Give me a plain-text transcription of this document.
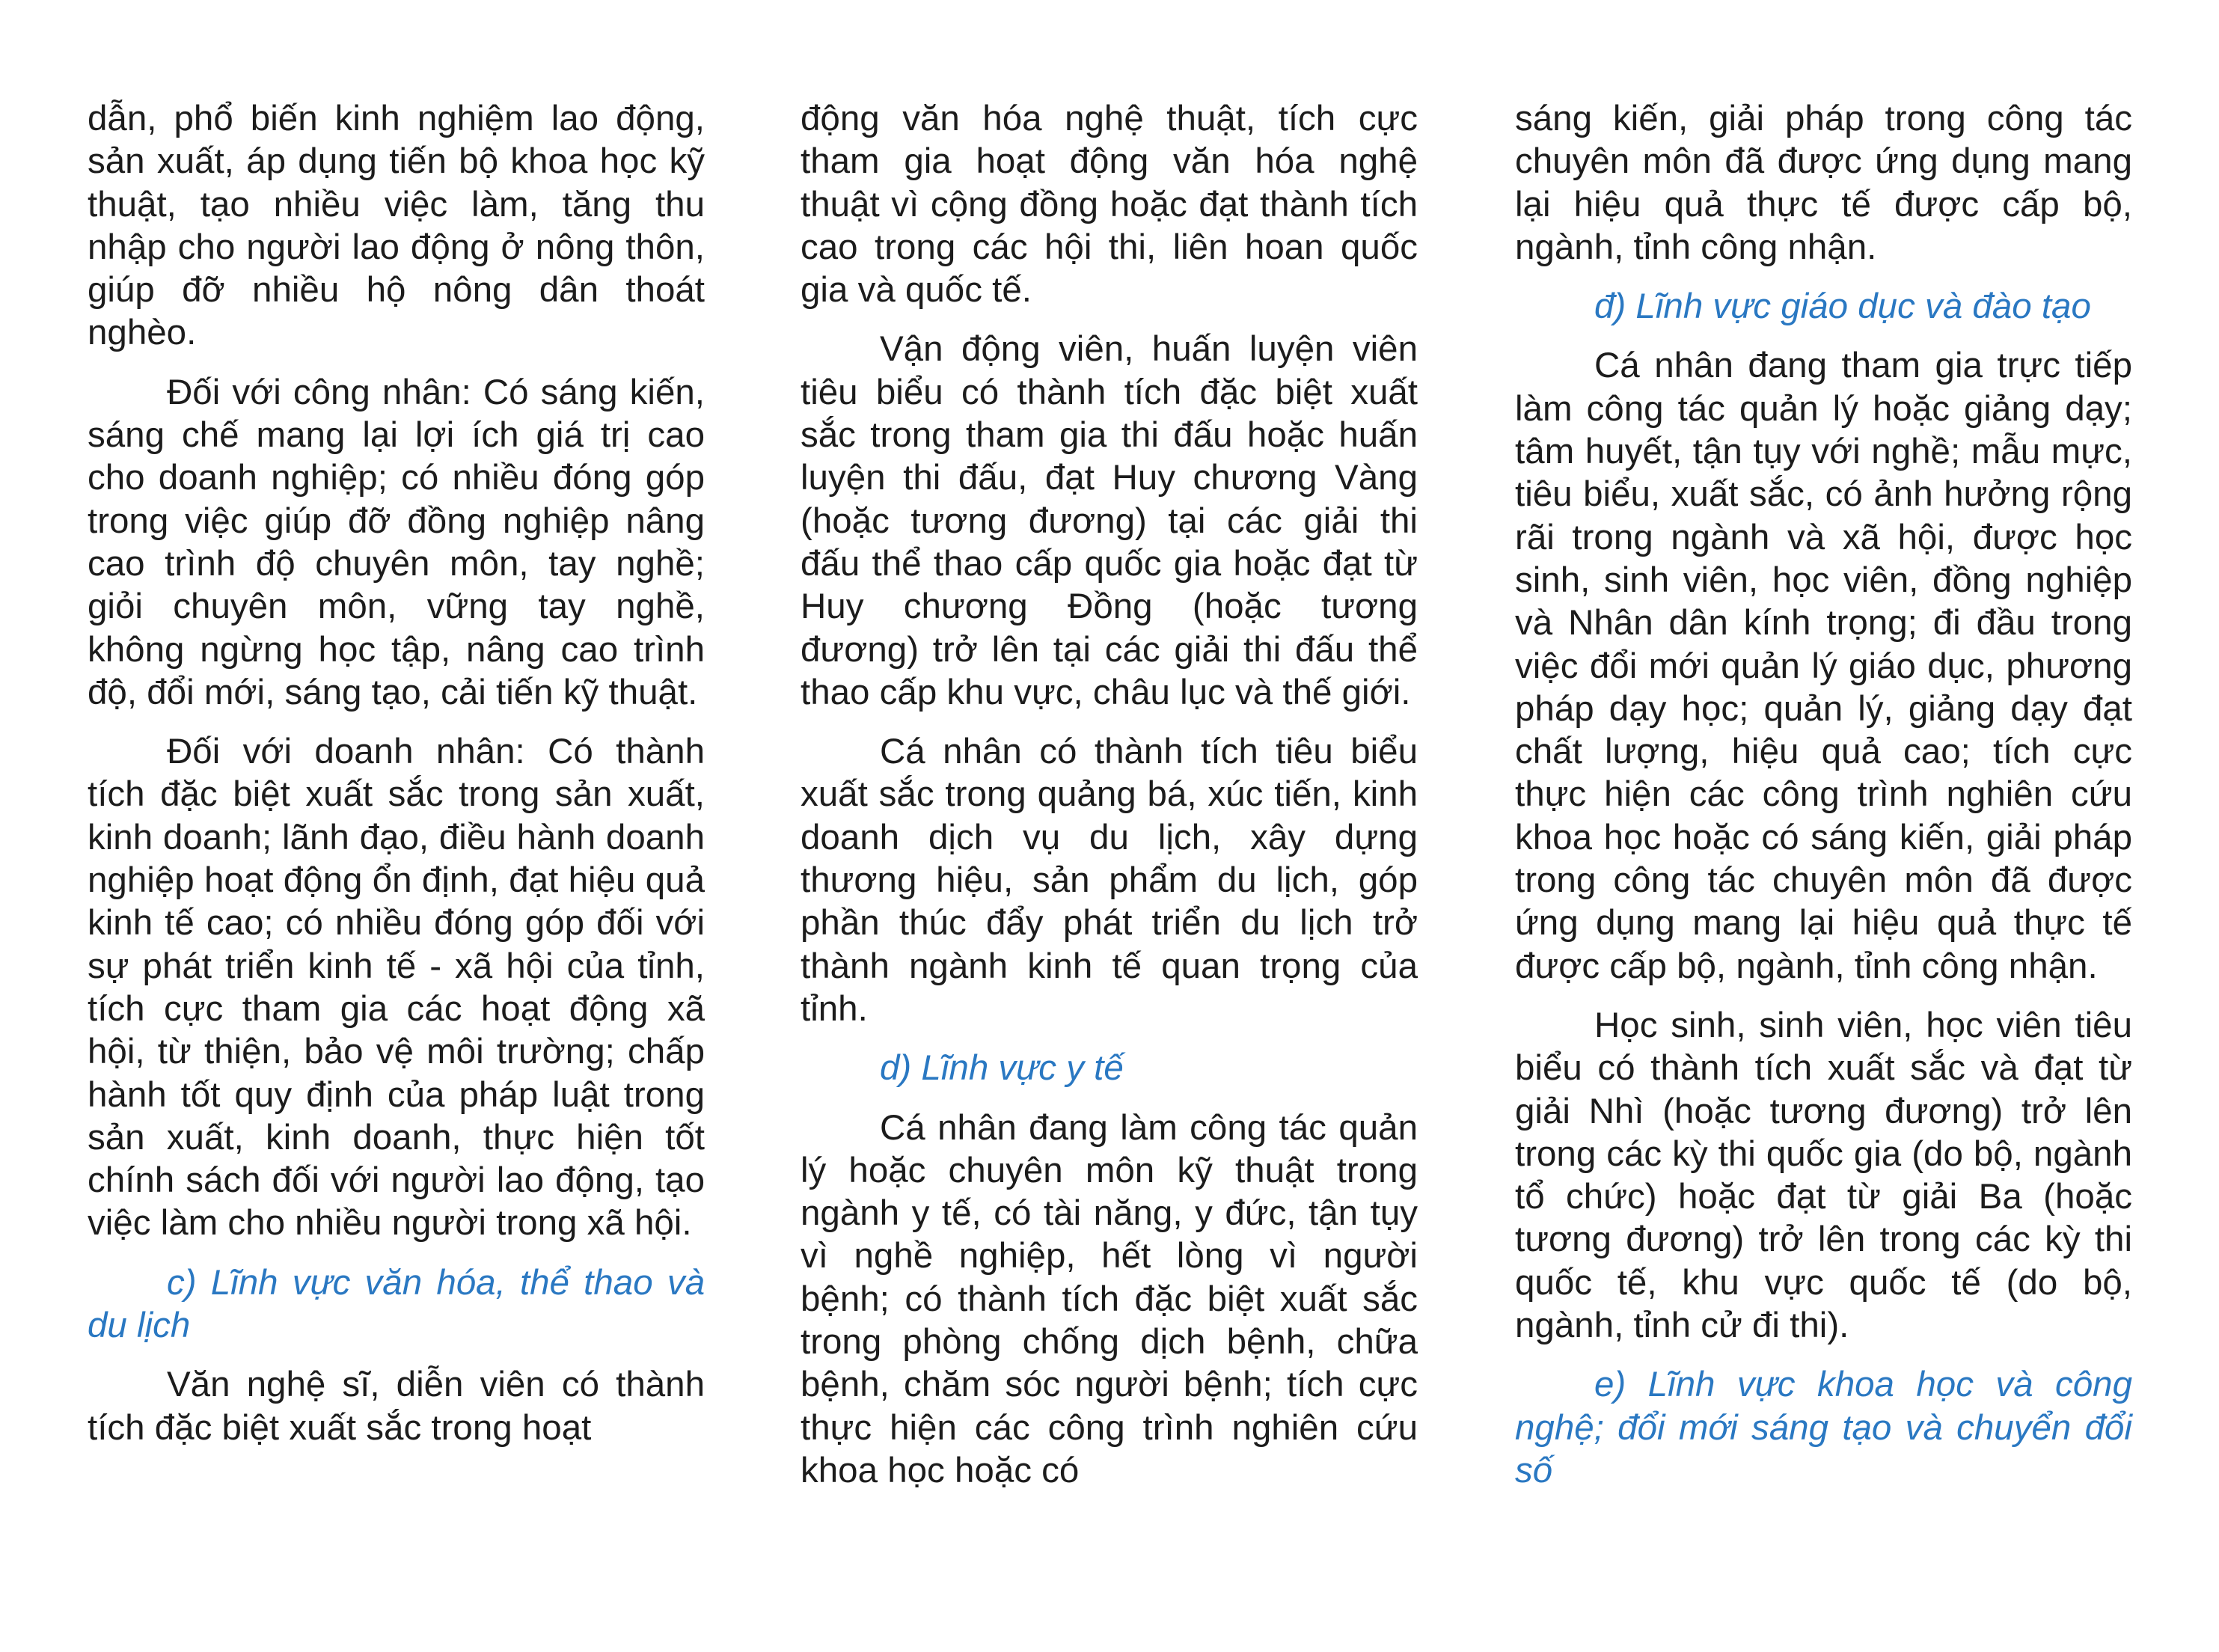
dẫn, phổ biến kinh nghiệm lao động, sản xuất, áp dụng tiến bộ khoa học kỹ thuật, tạo nhiều việc làm, tăng thu nhập cho người lao động ở nông thôn, giúp đỡ nhiều hộ nông dân thoát nghèo.

Đối với công nhân: Có sáng kiến, sáng chế mang lại lợi ích giá trị cao cho doanh nghiệp; có nhiều đóng góp trong việc giúp đỡ đồng nghiệp nâng cao trình độ chuyên môn, tay nghề; giỏi chuyên môn, vững tay nghề, không ngừng học tập, nâng cao trình độ, đổi mới, sáng tạo, cải tiến kỹ thuật.

Đối với doanh nhân: Có thành tích đặc biệt xuất sắc trong sản xuất, kinh doanh; lãnh đạo, điều hành doanh nghiệp hoạt động ổn định, đạt hiệu quả kinh tế cao; có nhiều đóng góp đối với sự phát triển kinh tế - xã hội của tỉnh, tích cực tham gia các hoạt động xã hội, từ thiện, bảo vệ môi trường; chấp hành tốt quy định của pháp luật trong sản xuất, kinh doanh, thực hiện tốt chính sách đối với người lao động, tạo việc làm cho nhiều người trong xã hội.

c) Lĩnh vực văn hóa, thể thao và du lịch

Văn nghệ sĩ, diễn viên có thành tích đặc biệt xuất sắc trong hoạt

động văn hóa nghệ thuật, tích cực tham gia hoạt động văn hóa nghệ thuật vì cộng đồng hoặc đạt thành tích cao trong các hội thi, liên hoan quốc gia và quốc tế.

Vận động viên, huấn luyện viên tiêu biểu có thành tích đặc biệt xuất sắc trong tham gia thi đấu hoặc huấn luyện thi đấu, đạt Huy chương Vàng (hoặc tương đương) tại các giải thi đấu thể thao cấp quốc gia hoặc đạt từ Huy chương Đồng (hoặc tương đương) trở lên tại các giải thi đấu thể thao cấp khu vực, châu lục và thế giới.

Cá nhân có thành tích tiêu biểu xuất sắc trong quảng bá, xúc tiến, kinh doanh dịch vụ du lịch, xây dựng thương hiệu, sản phẩm du lịch, góp phần thúc đẩy phát triển du lịch trở thành ngành kinh tế quan trọng của tỉnh.

d) Lĩnh vực y tế

Cá nhân đang làm công tác quản lý hoặc chuyên môn kỹ thuật trong ngành y tế, có tài năng, y đức, tận tụy vì nghề nghiệp, hết lòng vì người bệnh; có thành tích đặc biệt xuất sắc trong phòng chống dịch bệnh, chữa bệnh, chăm sóc người bệnh; tích cực thực hiện các công trình nghiên cứu khoa học hoặc có

sáng kiến, giải pháp trong công tác chuyên môn đã được ứng dụng mang lại hiệu quả thực tế được cấp bộ, ngành, tỉnh công nhận.

đ) Lĩnh vực giáo dục và đào tạo

Cá nhân đang tham gia trực tiếp làm công tác quản lý hoặc giảng dạy; tâm huyết, tận tụy với nghề; mẫu mực, tiêu biểu, xuất sắc, có ảnh hưởng rộng rãi trong ngành và xã hội, được học sinh, sinh viên, học viên, đồng nghiệp và Nhân dân kính trọng; đi đầu trong việc đổi mới quản lý giáo dục, phương pháp dạy học; quản lý, giảng dạy đạt chất lượng, hiệu quả cao; tích cực thực hiện các công trình nghiên cứu khoa học hoặc có sáng kiến, giải pháp trong công tác chuyên môn đã được ứng dụng mang lại hiệu quả thực tế được cấp bộ, ngành, tỉnh công nhận.

Học sinh, sinh viên, học viên tiêu biểu có thành tích xuất sắc và đạt từ giải Nhì (hoặc tương đương) trở lên trong các kỳ thi quốc gia (do bộ, ngành tổ chức) hoặc đạt từ giải Ba (hoặc tương đương) trở lên trong các kỳ thi quốc tế, khu vực quốc tế (do bộ, ngành, tỉnh cử đi thi).

e) Lĩnh vực khoa học và công nghệ; đổi mới sáng tạo và chuyển đổi số
